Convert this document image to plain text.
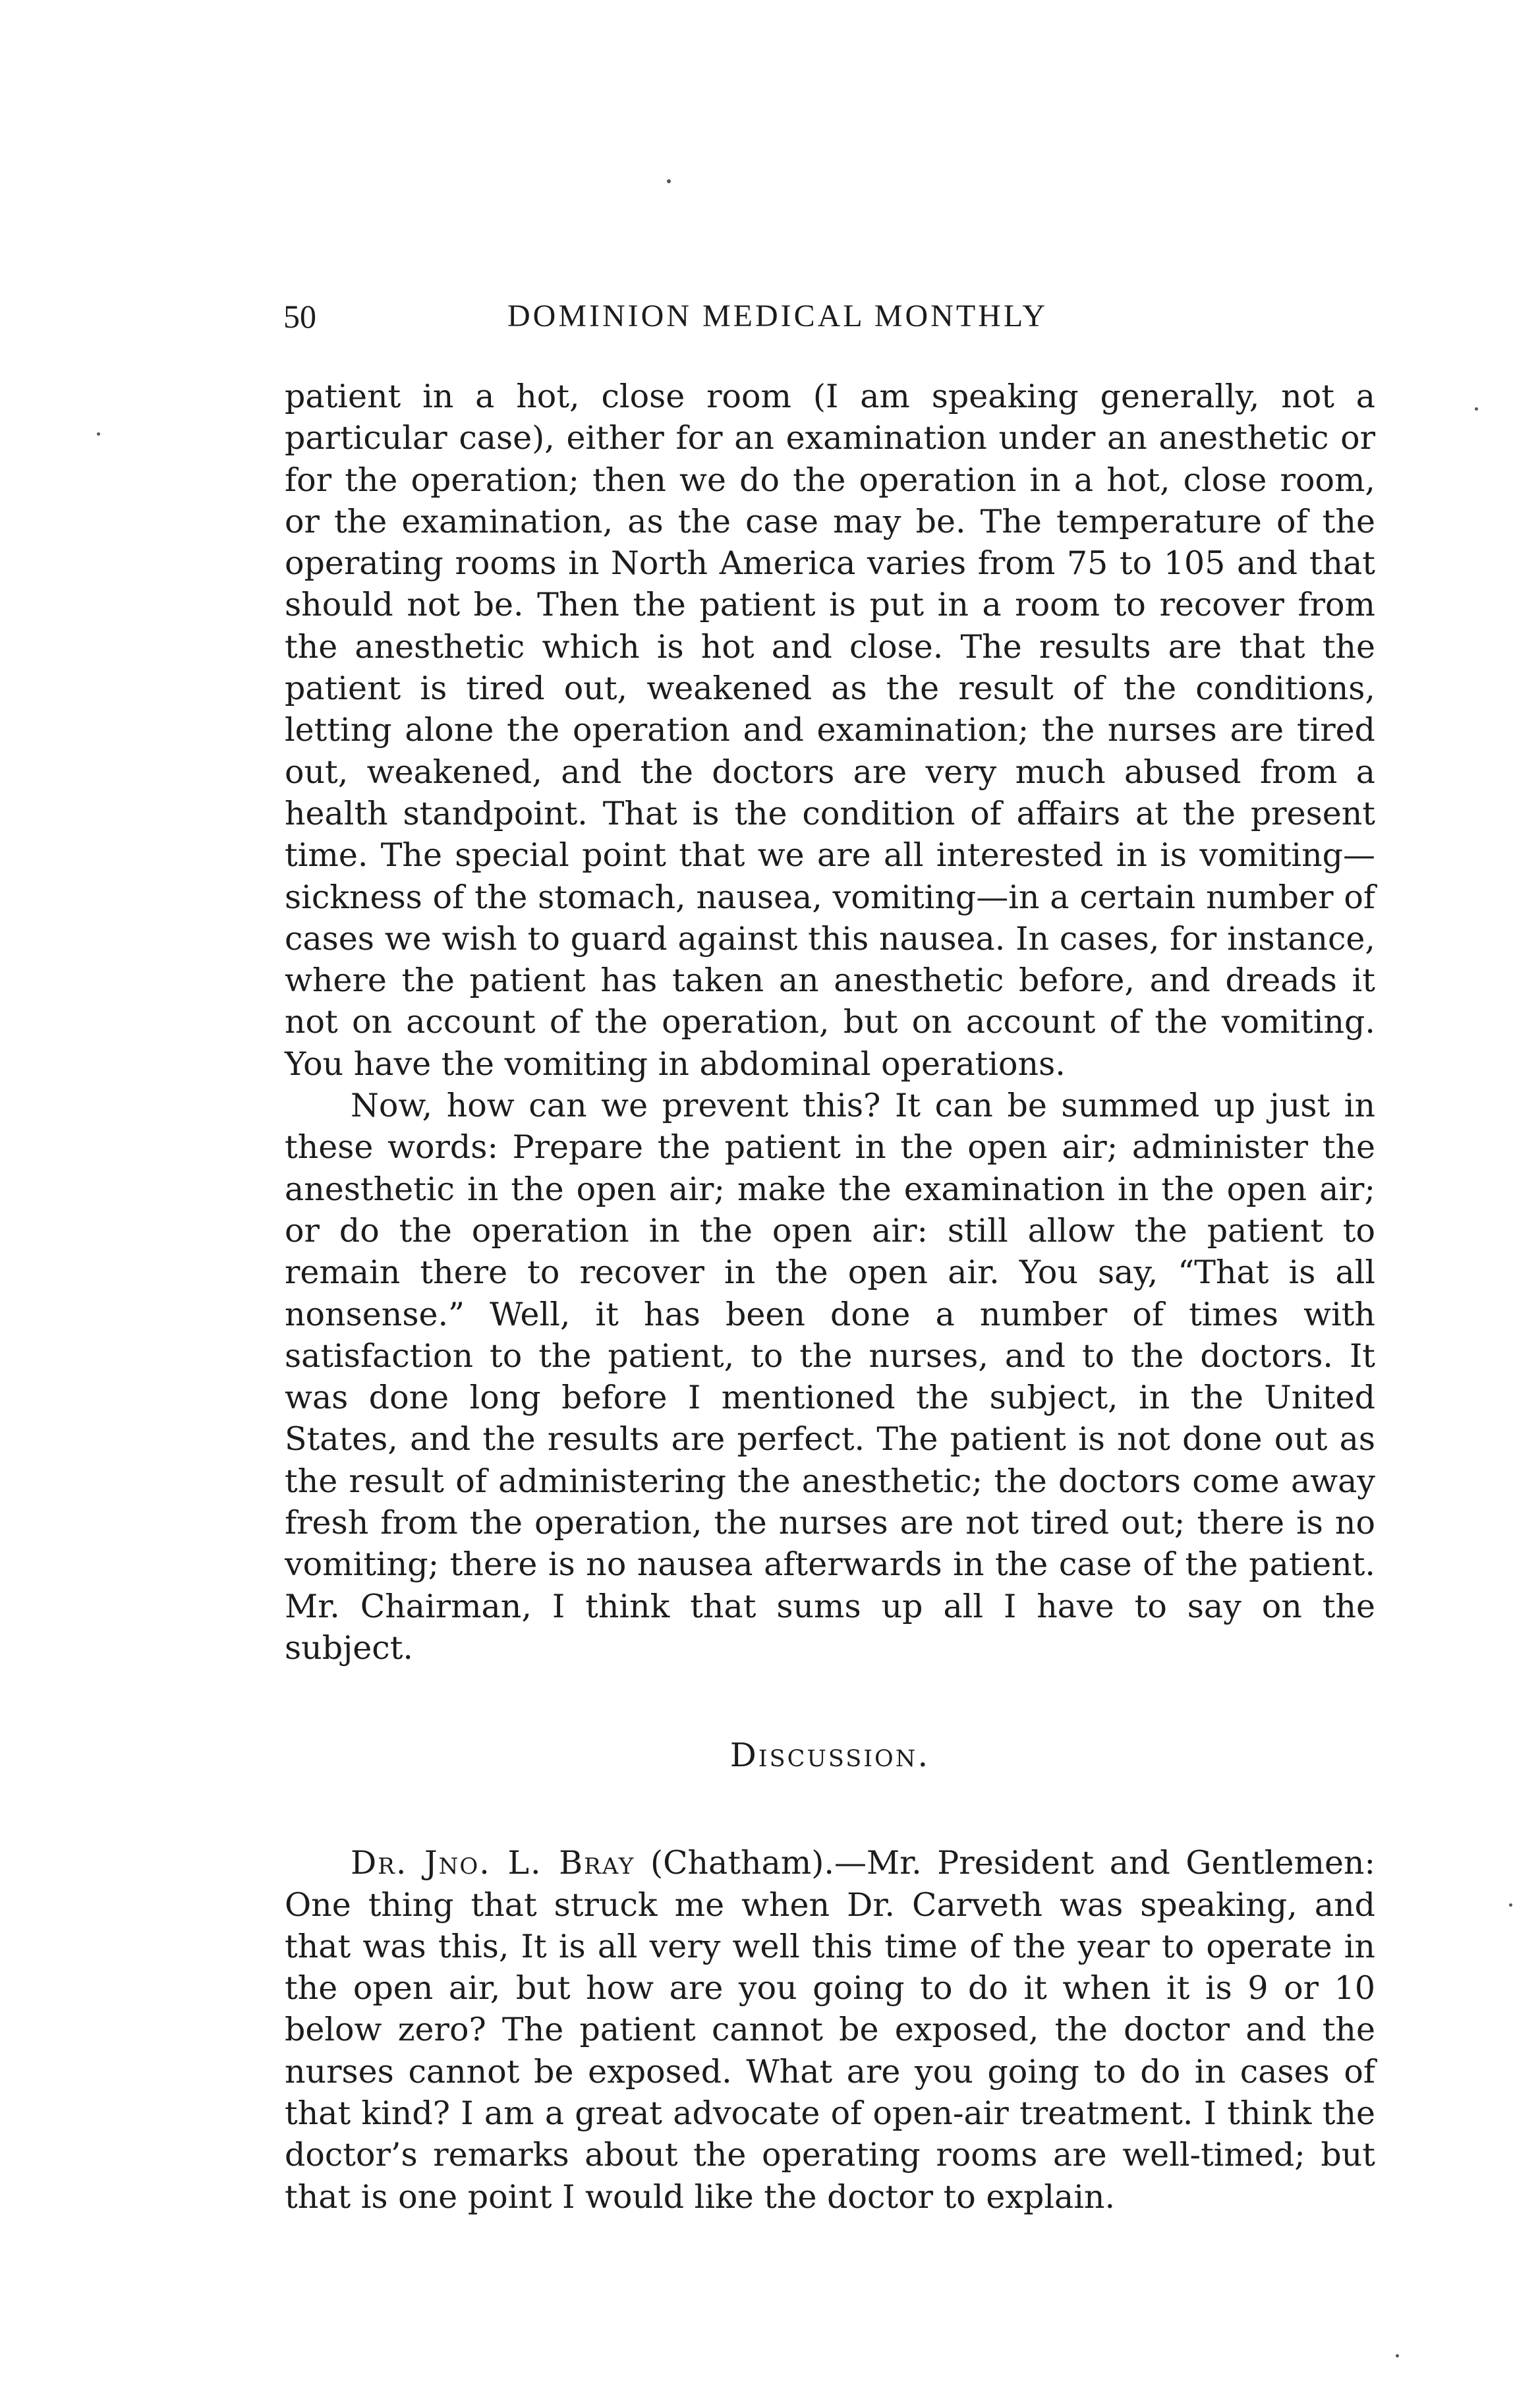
50	DOMINION MEDICAL MONTHLY

patient in a hot, close room (I am speaking generally, not a particular case), either for an examination under an anesthetic or for the operation; then we do the operation in a hot, close room, or the examination, as the case may be. The temperature of the operating rooms in North America varies from 75 to 105 and that should not be. Then the patient is put in a room to recover from the anesthetic which is hot and close. The results are that the patient is tired out, weakened as the result of the conditions, letting alone the operation and examination; the nurses are tired out, weakened, and the doctors are very much abused from a health standpoint. That is the condition of affairs at the present time. The special point that we are all interested in is vomiting—sickness of the stomach, nausea, vomiting—in a certain number of cases we wish to guard against this nausea. In cases, for instance, where the patient has taken an anesthetic before, and dreads it not on account of the operation, but on account of the vomiting. You have the vomiting in abdominal operations.

Now, how can we prevent this? It can be summed up just in these words: Prepare the patient in the open air; administer the anesthetic in the open air; make the examination in the open air; or do the operation in the open air: still allow the patient to remain there to recover in the open air. You say, “That is all nonsense.” Well, it has been done a number of times with satisfaction to the patient, to the nurses, and to the doctors. It was done long before I mentioned the subject, in the United States, and the results are perfect. The patient is not done out as the result of administering the anesthetic; the doctors come away fresh from the operation, the nurses are not tired out; there is no vomiting; there is no nausea afterwards in the case of the patient. Mr. Chairman, I think that sums up all I have to say on the subject.

Discussion.

Dr. Jno. L. Bray (Chatham).—Mr. President and Gentlemen: One thing that struck me when Dr. Carveth was speaking, and that was this, It is all very well this time of the year to operate in the open air, but how are you going to do it when it is 9 or 10 below zero? The patient cannot be exposed, the doctor and the nurses cannot be exposed. What are you going to do in cases of that kind? I am a great advocate of open-air treatment. I think the doctor’s remarks about the operating rooms are well-timed; but that is one point I would like the doctor to explain.
